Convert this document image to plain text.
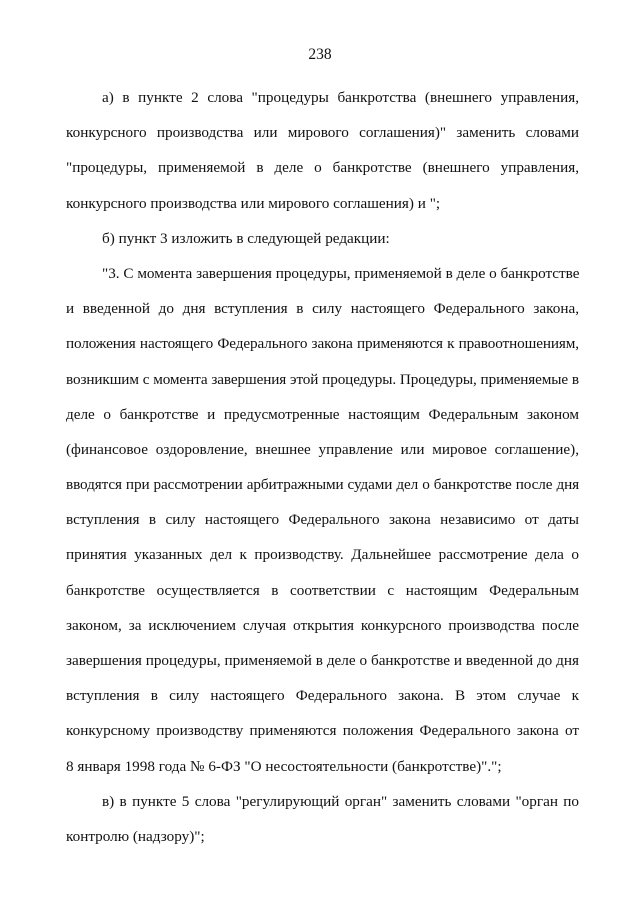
238
а) в пункте 2 слова "процедуры банкротства (внешнего управления,
конкурсного производства или мирового соглашения)" заменить словами
"процедуры, применяемой в деле о банкротстве (внешнего управления,
конкурсного производства или мирового соглашения) и ";
б) пункт 3 изложить в следующей редакции:
"3. С момента завершения процедуры, применяемой в деле о банкротстве
и введенной до дня вступления в силу настоящего Федерального закона,
положения настоящего Федерального закона применяются к правоотношениям,
возникшим с момента завершения этой процедуры. Процедуры, применяемые в
деле о банкротстве и предусмотренные настоящим Федеральным законом
(финансовое оздоровление, внешнее управление или мировое соглашение),
вводятся при рассмотрении арбитражными судами дел о банкротстве после дня
вступления в силу настоящего Федерального закона независимо от даты
принятия указанных дел к производству. Дальнейшее рассмотрение дела о
банкротстве осуществляется в соответствии с настоящим Федеральным
законом, за исключением случая открытия конкурсного производства после
завершения процедуры, применяемой в деле о банкротстве и введенной до дня
вступления в силу настоящего Федерального закона. В этом случае к
конкурсному производству применяются положения Федерального закона от
8 января 1998 года № 6-ФЗ "О несостоятельности (банкротстве)".";
в) в пункте 5 слова "регулирующий орган" заменить словами "орган по
контролю (надзору)";
